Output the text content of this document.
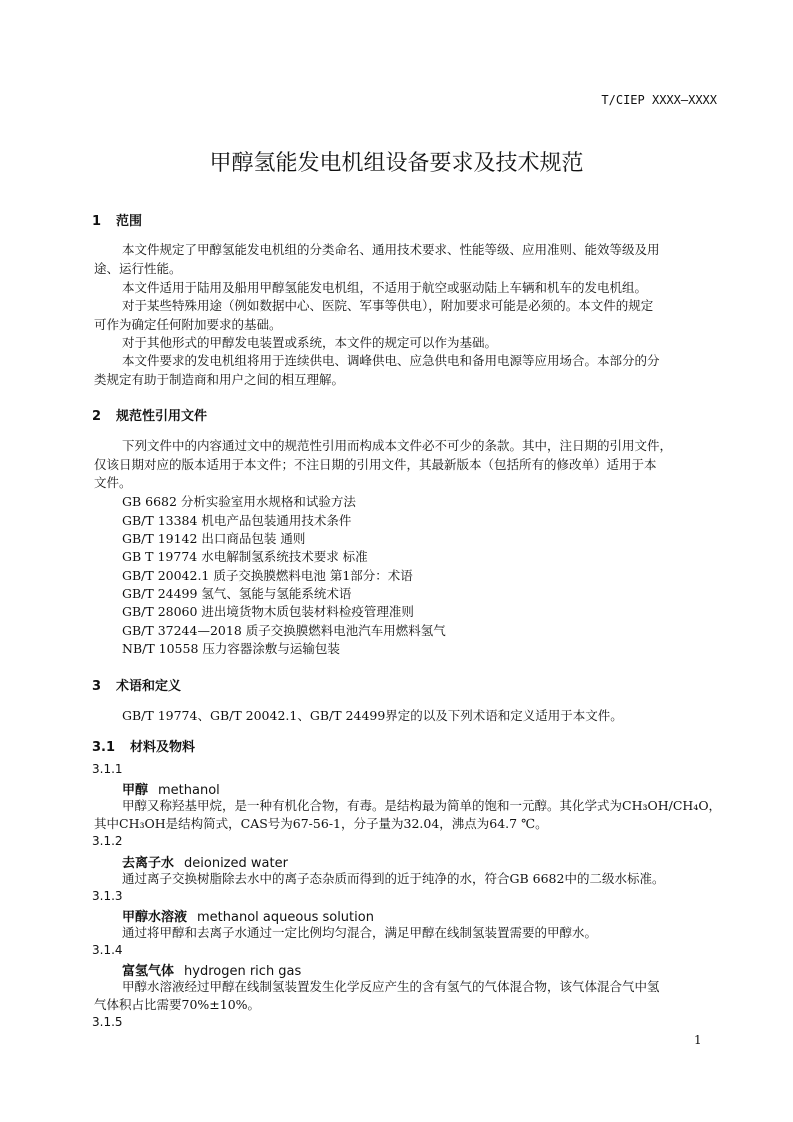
T/CIEP XXXX—XXXX
甲醇氢能发电机组设备要求及技术规范
1 范围
本文件规定了甲醇氢能发电机组的分类命名、通用技术要求、性能等级、应用准则、能效等级及用
途、运行性能。
本文件适用于陆用及船用甲醇氢能发电机组，不适用于航空或驱动陆上车辆和机车的发电机组。
对于某些特殊用途（例如数据中心、医院、军事等供电），附加要求可能是必须的。本文件的规定
可作为确定任何附加要求的基础。
对于其他形式的甲醇发电装置或系统，本文件的规定可以作为基础。
本文件要求的发电机组将用于连续供电、调峰供电、应急供电和备用电源等应用场合。本部分的分
类规定有助于制造商和用户之间的相互理解。
2 规范性引用文件
下列文件中的内容通过文中的规范性引用而构成本文件必不可少的条款。其中，注日期的引用文件，
仅该日期对应的版本适用于本文件；不注日期的引用文件，其最新版本（包括所有的修改单）适用于本
文件。
GB 6682 分析实验室用水规格和试验方法
GB/T 13384 机电产品包装通用技术条件
GB/T 19142 出口商品包装 通则
GB T 19774 水电解制氢系统技术要求 标准
GB/T 20042.1 质子交换膜燃料电池 第1部分：术语
GB/T 24499 氢气、氢能与氢能系统术语
GB/T 28060 进出境货物木质包装材料检疫管理准则
GB/T 37244—2018 质子交换膜燃料电池汽车用燃料氢气
NB/T 10558 压力容器涂敷与运输包装
3 术语和定义
GB/T 19774、GB/T 20042.1、GB/T 24499界定的以及下列术语和定义适用于本文件。
3.1 材料及物料
3.1.1
甲醇 methanol
甲醇又称羟基甲烷，是一种有机化合物，有毒。是结构最为简单的饱和一元醇。其化学式为CH₃OH/CH₄O，
其中CH₃OH是结构简式，CAS号为67-56-1，分子量为32.04，沸点为64.7 ℃。
3.1.2
去离子水 deionized water
通过离子交换树脂除去水中的离子态杂质而得到的近于纯净的水，符合GB 6682中的二级水标准。
3.1.3
甲醇水溶液 methanol aqueous solution
通过将甲醇和去离子水通过一定比例均匀混合，满足甲醇在线制氢装置需要的甲醇水。
3.1.4
富氢气体 hydrogen rich gas
甲醇水溶液经过甲醇在线制氢装置发生化学反应产生的含有氢气的气体混合物，该气体混合气中氢
气体积占比需要70%±10%。
3.1.5
1
